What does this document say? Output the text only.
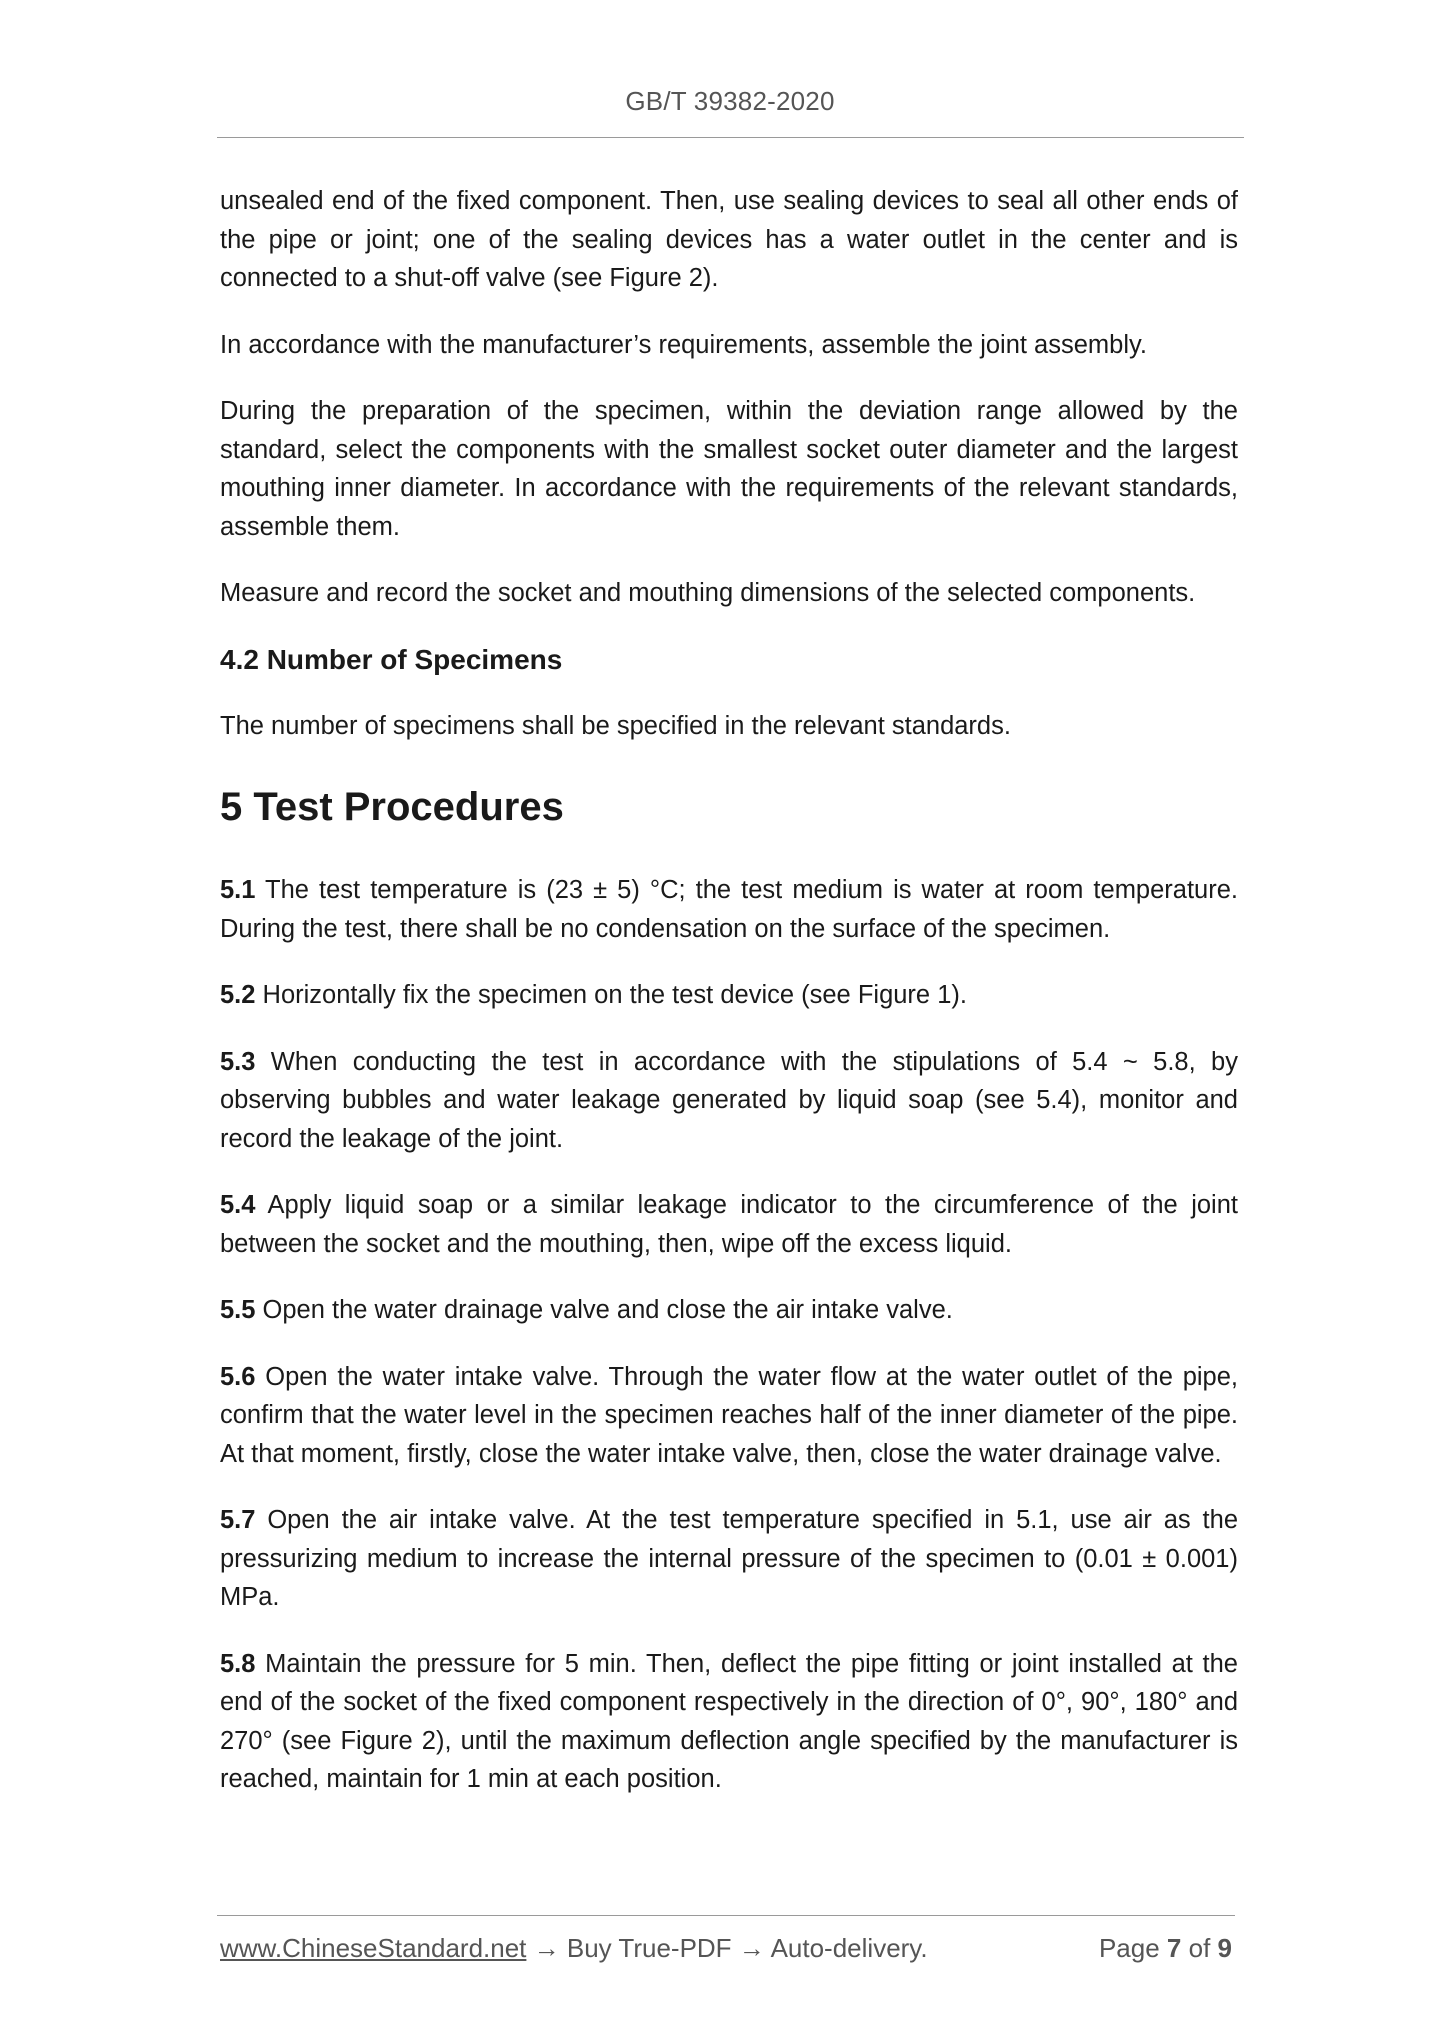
GB/T 39382-2020

unsealed end of the fixed component. Then, use sealing devices to seal all other ends of the pipe or joint; one of the sealing devices has a water outlet in the center and is connected to a shut-off valve (see Figure 2).

In accordance with the manufacturer’s requirements, assemble the joint assembly.

During the preparation of the specimen, within the deviation range allowed by the standard, select the components with the smallest socket outer diameter and the largest mouthing inner diameter. In accordance with the requirements of the relevant standards, assemble them.

Measure and record the socket and mouthing dimensions of the selected components.

4.2 Number of Specimens

The number of specimens shall be specified in the relevant standards.

5 Test Procedures

5.1 The test temperature is (23 ± 5) °C; the test medium is water at room temperature. During the test, there shall be no condensation on the surface of the specimen.

5.2 Horizontally fix the specimen on the test device (see Figure 1).

5.3 When conducting the test in accordance with the stipulations of 5.4 ~ 5.8, by observing bubbles and water leakage generated by liquid soap (see 5.4), monitor and record the leakage of the joint.

5.4 Apply liquid soap or a similar leakage indicator to the circumference of the joint between the socket and the mouthing, then, wipe off the excess liquid.

5.5 Open the water drainage valve and close the air intake valve.

5.6 Open the water intake valve. Through the water flow at the water outlet of the pipe, confirm that the water level in the specimen reaches half of the inner diameter of the pipe. At that moment, firstly, close the water intake valve, then, close the water drainage valve.

5.7 Open the air intake valve. At the test temperature specified in 5.1, use air as the pressurizing medium to increase the internal pressure of the specimen to (0.01 ± 0.001) MPa.

5.8 Maintain the pressure for 5 min. Then, deflect the pipe fitting or joint installed at the end of the socket of the fixed component respectively in the direction of 0°, 90°, 180° and 270° (see Figure 2), until the maximum deflection angle specified by the manufacturer is reached, maintain for 1 min at each position.

www.ChineseStandard.net → Buy True-PDF → Auto-delivery.	Page 7 of 9
